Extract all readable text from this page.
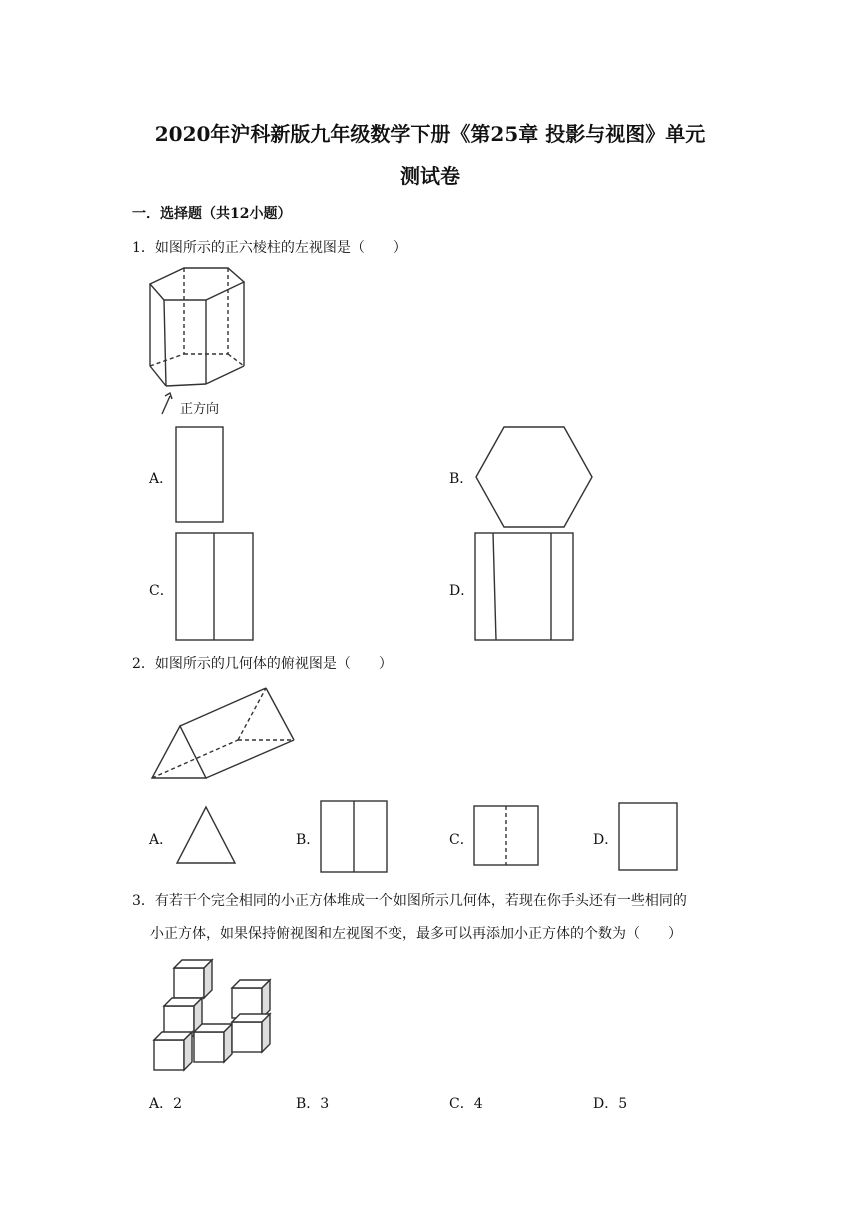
2020年沪科新版九年级数学下册《第25章 投影与视图》单元
测试卷
一．选择题（共12小题）
1．如图所示的正六棱柱的左视图是（　　）
正方向
A．	B．
C．	D．
2．如图所示的几何体的俯视图是（　　）
A．	B．	C．	D．
3．有若干个完全相同的小正方体堆成一个如图所示几何体，若现在你手头还有一些相同的
小正方体，如果保持俯视图和左视图不变，最多可以再添加小正方体的个数为（　　）
A．2	B．3	C．4	D．5
